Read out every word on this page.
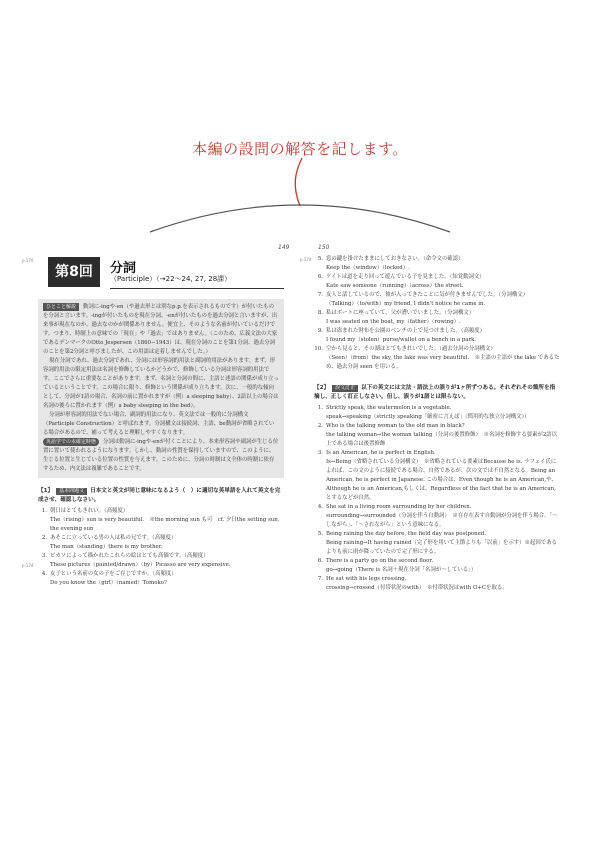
本編の設問の解答を記します。
149	150
p.170
p.174
p.174
第8回	分詞
（Participle）（→22〜24, 27, 28課）

ひとこと解説 動詞に-ingや-en（や過去形とは別なp.p.を表示されるものです）が付いたものを分詞と言います。-ingが付いたものを現在分詞、-enが付いたものを過去分詞と言いますが、出来事が現在なのか、過去なのかが関係ありません。便宜上、そのような名前が付いているだけです。つまり、時制上の意味での「現在」や「過去」ではありません。（このため、広義文法の大家であるデンマークのOtto Jespersen（1860−1943）は、現在分詞のことを第1分詞、過去分詞のことを第2分詞と呼びましたが、この用語は定着しませんでした。）

現在分詞であれ、過去分詞であれ、分詞には形容詞的用法と副詞的用法があります。まず、形容詞的用法の限定用法は名詞を修飾しているかどうかで、修飾している分詞は形容詞的用法です。ここでさらに重要なことがあります。まず、名詞と分詞の間に、主語と述語の関係が成り立っているということです。この場合に限り、修飾という関係が成り立ちます。次に、一般的な傾向として、分詞が1語の場合、名詞の前に置かれますが（例）a sleeping baby）、2語以上の場合は名詞の後ろに置かれます（例）a baby sleeping in the bed）。

分詞が形容詞的用法でない場合、副詞的用法になり、英文法では一般的に分詞構文（Participle Construction）と呼ばれます。分詞構文は接続詞、主語、be動詞が省略されている場合があるので、補って考えると理解しやすくなります。

英語学での未確定時態 分詞は動詞に-ingや-enが付くことにより、本来形容詞や副詞が生じる位置に置いて使われるようになります。しかし、動詞の性質を保持していますので、このように、生じる位置と生じている位置の性質を与えます。このために、分詞の時制は文全体の時制に依存するため、内文法は複雑であることです。

【1】 基本問題文 日本文と英文が同じ意味になるよう（　）に適切な英単語を入れて英文を完成させ、確認しなさい。

1. 朝日はとてもきれい。（高頻度）

The（rising）sun is very beautiful.　※the morning sun も可　cf. 夕日the setting sun, the evening sun

2. あそこに立っている男の人は私の兄です。（高頻度）

The man（standing）there is my brother.

3. ピカソによって描かれたこれらの絵はとても高価です。（高頻度）

These pictures（painted/drawn）（by）Picasso are very expensive.

4. 友子という名前の女の子をご存じですか。（高頻度）

Do you know the（girl）（named）Tomoko?

5. 窓の鍵を掛けたままにしておきなさい。（命令文の確認）

Keep the（window）（locked）.

6. ケイトは道を走り回って遊んでいる子を見ました。（知覚動詞文）

Kate saw someone（running）（across）the street.

7. 友人と話しているので、彼が入ってきたことに気が付きませんでした。（分詞構文）

（Talking）（to/with）my friend, I didn't notice he came in.

8. 私はボートに座っていて、父が漕いでいました。（分詞構文）

I was seated on the boat, my（father）（rowing）.

9. 私は盗まれた財布を公園のベンチの上で見つけました。（高頻度）

I found my（stolen）purse/wallet on a bench in a park.

10. 空から見ると、その湖はとてもきれいでした。（過去分詞の分詞構文）

（Seen）（from）the sky, the lake was very beautiful.　※主語の主語が the lake であるため、過去分詞 seen を用いる。

【2】 誤文訂正 以下の英文には文法・語法上の誤りが1ヶ所ずつある。それぞれその箇所を指摘し、正しく訂正しなさい。但し、誤りが1語とは限らない。

1. Strictly speak, the watermelon is a vegetable.

speak→speaking（strictly speaking「厳密に言えば」（慣用的な独立分詞構文））

2. Who is the talking woman to the old man in black?

the talking woman→the woman talking（分詞の後置修飾）　※名詞を修飾する要素が2語以上である場合は後置修飾

3. Is an American, he is perfect in English.

Is→Being（省略されている分詞構文）　※省略されている要素はBecause he is. ラフェイ氏によれば、この文のように接続である場合、自然であるが、次の文では不自然となる。Being an American, he is perfect in Japanese. この場合は、Even though he is an American,や、Although he is an American,もしくは、Regardless of the fact that he is an American,とするなどが自然。

4. She sat in a living room surrounding by her children.

surrounding→surrounded（分詞を伴う自動詞）　※在存在表す自動詞が分詞を伴う場合、「〜しながら」、「〜されながら」という意味になる。

5. Being raining the day before, the field day was postponed.

Being raining→It having rained（完了形を用いて主節よりも「以前」を示す）※起因であるよりも前に雨が降っていたので完了形にする。

6. There is a party go on the second floor.

go→going（There is 名詞＋現在分詞「名詞が〜している」）

7. He sat with his legs crossing.

crossing→crossed（付帯状況のwith）　※付帯状況はwith O+Cを取る。
